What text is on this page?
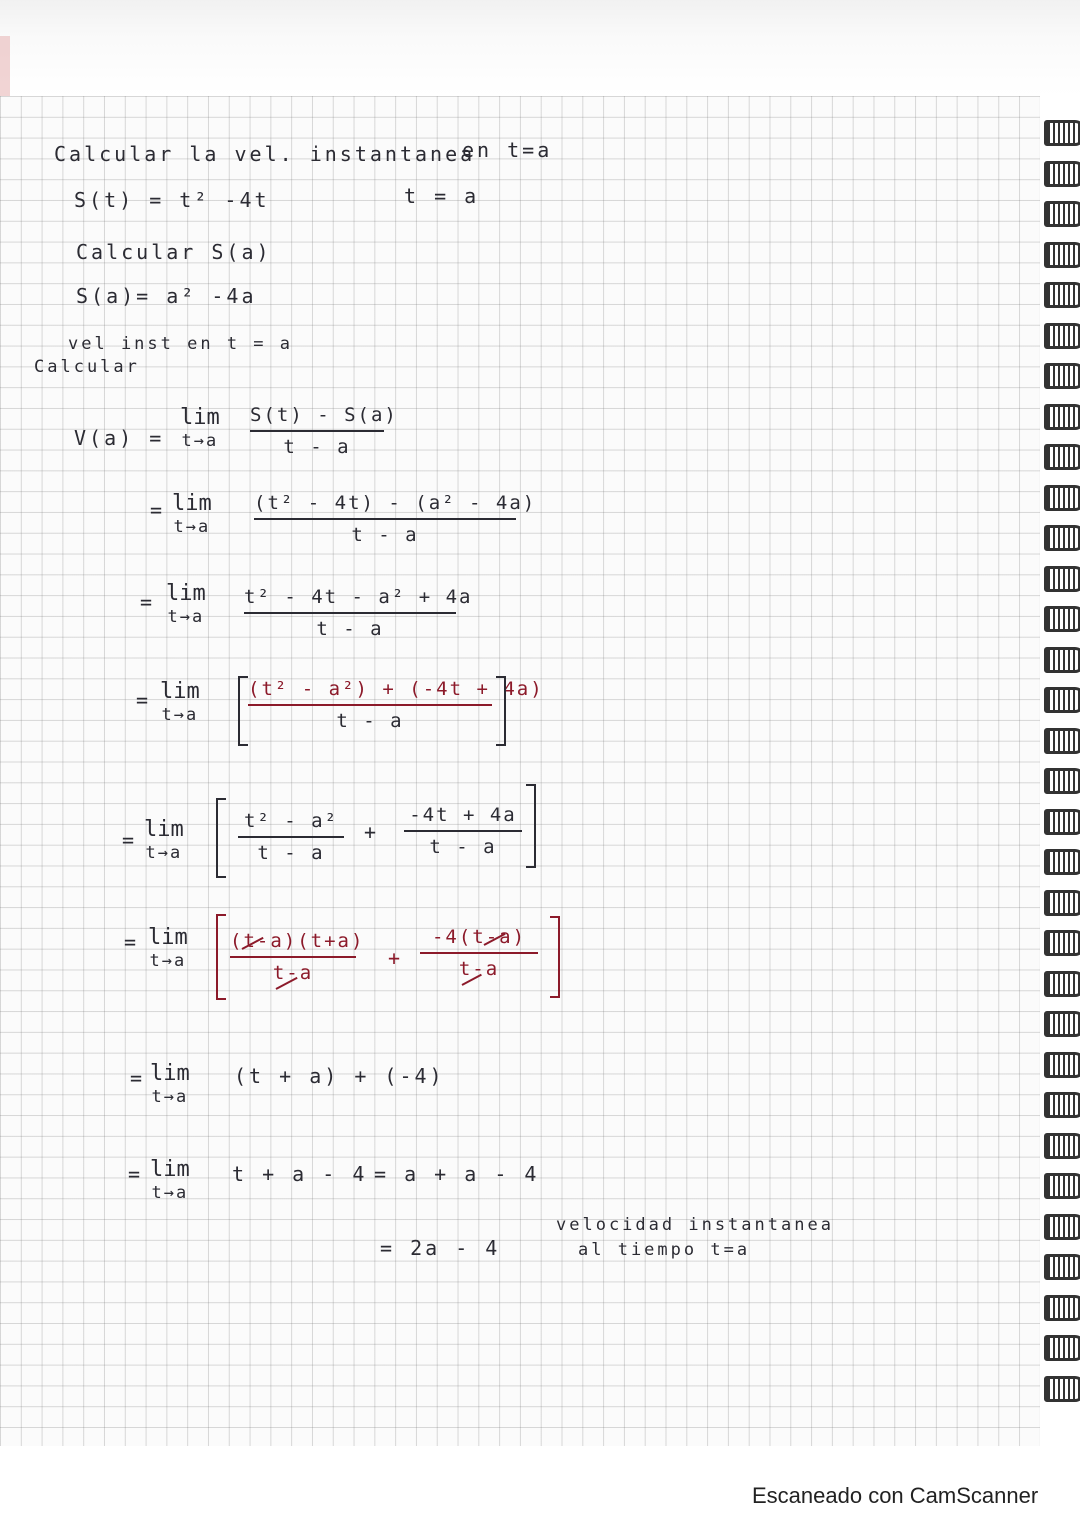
Calcular la vel. instantanea
en t=a
S(t) = t² -4t	t = a
Calcular S(a)
S(a)= a² -4a
vel inst en t = a
Calcular
V(a) =
lim
t→a
S(t) - S(a)
t - a
= lim
t→a
(t² - 4t) - (a² - 4a)
t - a
= lim
t→a
t² - 4t - a² + 4a
t - a
= lim
t→a
(t² - a²) + (-4t + 4a)
t - a
= lim
t→a
t² - a²
t - a
+
-4t + 4a
t - a
= lim
t→a
(t-a)(t+a)
t-a
+
-4(t-a)
t-a
= lim
t→a
(t + a) + (-4)
= lim
t→a
t + a - 4 = a + a - 4
= 2a - 4
velocidad instantanea
al tiempo t=a
Escaneado con CamScanner
